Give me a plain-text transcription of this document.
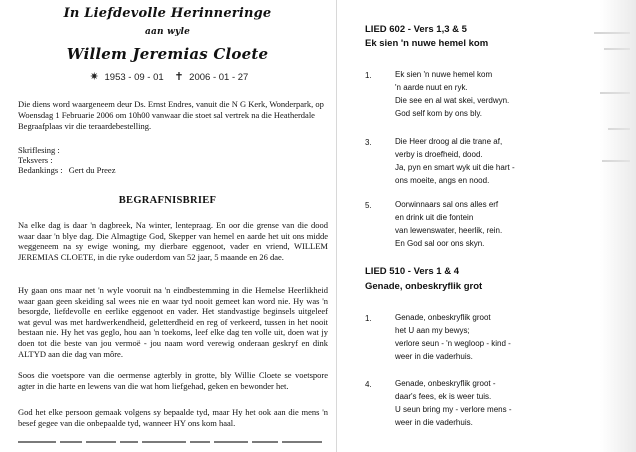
In Liefdevolle Herinneringe
aan wyle
Willem Jeremias Cloete
✷ 1953 - 09 - 01 ✝ 2006 - 01 - 27

Die diens word waargeneem deur Ds. Ernst Endres, vanuit die N G Kerk, Wonderpark, op Woensdag 1 Februarie 2006 om 10h00 vanwaar die stoet sal vertrek na die Heatherdale Begraafplaas vir die teraardebestelling.

Skriflesing :
Teksvers :
Bedankings : Gert du Preez
BEGRAFNISBRIEF

Na elke dag is daar 'n dagbreek, Na winter, lentepraag. En oor die grense van die dood waar daar 'n blye dag. Die Almagtige God, Skepper van hemel en aarde het uit ons midde weggeneem na sy ewige woning, my dierbare eggenoot, vader en vriend, WILLEM JEREMIAS CLOETE, in die ryke ouderdom van 52 jaar, 5 maande en 26 dae.

Hy gaan ons maar net 'n wyle vooruit na 'n eindbestemming in die Hemelse Heerlikheid waar gaan geen skeiding sal wees nie en waar tyd nooit gemeet kan word nie. Hy was 'n besorgde, liefdevolle en eerlike eggenoot en vader. Het standvastige beginsels uitgeleef wat gevul was met hardwerkendheid, geletterdheid en reg of verkeerd, tussen in het nooit bestaan nie. Hy het vas geglo, hou aan 'n toekoms, leef elke dag ten volle uit, doen wat jy doen tot die beste van jou vermoë - jou naam word verewig onderaan geskryf en dink ALTYD aan die dag van môre.

Soos die voetspore van die oermense agterbly in grotte, bly Willie Cloete se voetspore agter in die harte en lewens van die wat hom liefgehad, geken en bewonder het.

God het elke persoon gemaak volgens sy bepaalde tyd, maar Hy het ook aan die mens 'n besef gegee van die onbepaalde tyd, wanneer HY ons kom haal.

LIED 602 - Vers 1,3 & 5
Ek sien 'n nuwe hemel kom
1.	Ek sien 'n nuwe hemel kom
'n aarde nuut en ryk.
Die see en al wat skei, verdwyn.
God self kom by ons bly.
3.	Die Heer droog al die trane af,
verby is droefheid, dood.
Ja, pyn en smart wyk uit die hart -
ons moeite, angs en nood.
5.	Oorwinnaars sal ons alles erf
en drink uit die fontein
van lewenswater, heerlik, rein.
En God sal oor ons skyn.
LIED 510 - Vers 1 & 4
Genade, onbeskryflik grot
1.	Genade, onbeskryflik groot
het U aan my bewys;
verlore seun - 'n wegloop - kind -
weer in die vaderhuis.
4.	Genade, onbeskryflik groot -
daar's fees, ek is weer tuis.
U seun bring my - verlore mens -
weer in die vaderhuis.
